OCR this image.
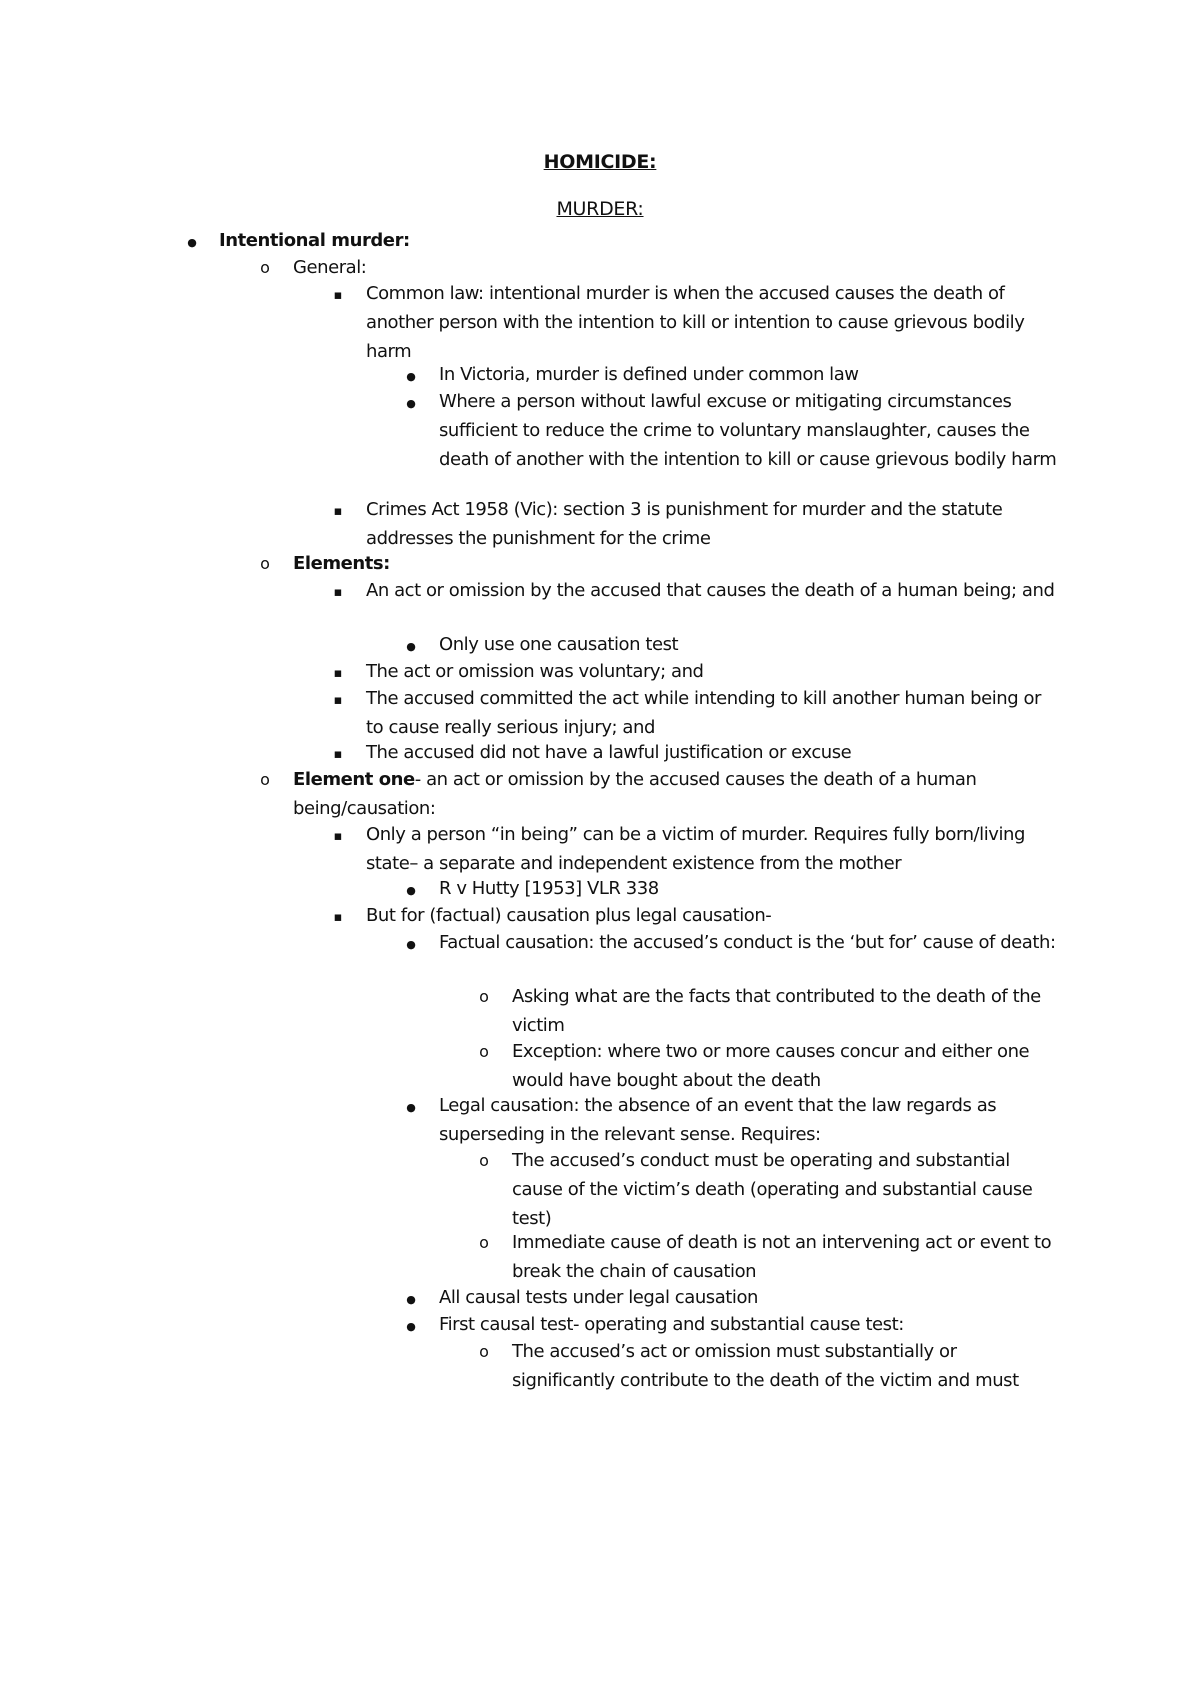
HOMICIDE:
MURDER:
●

Intentional murder:

o

General:

▪

Common law: intentional murder is when the accused causes the death of another person with the intention to kill or intention to cause grievous bodily harm

●

In Victoria, murder is defined under common law

●

Where a person without lawful excuse or mitigating circumstances sufficient to reduce the crime to voluntary manslaughter, causes the death of another with the intention to kill or cause grievous bodily harm

▪

Crimes Act 1958 (Vic): section 3 is punishment for murder and the statute addresses the punishment for the crime

o

Elements:

▪

An act or omission by the accused that causes the death of a human being; and

●

Only use one causation test

▪

The act or omission was voluntary; and

▪

The accused committed the act while intending to kill another human being or to cause really serious injury; and

▪

The accused did not have a lawful justification or excuse

o

Element one- an act or omission by the accused causes the death of a human being/causation:

▪

Only a person “in being” can be a victim of murder. Requires fully born/living state– a separate and independent existence from the mother

●

R v Hutty [1953] VLR 338

▪

But for (factual) causation plus legal causation-

●

Factual causation: the accused’s conduct is the ‘but for’ cause of death:

o

Asking what are the facts that contributed to the death of the victim

o

Exception: where two or more causes concur and either one would have bought about the death

●

Legal causation: the absence of an event that the law regards as superseding in the relevant sense. Requires:

o

The accused’s conduct must be operating and substantial cause of the victim’s death (operating and substantial cause test)

o

Immediate cause of death is not an intervening act or event to break the chain of causation

●

All causal tests under legal causation

●

First causal test- operating and substantial cause test:

o

The accused’s act or omission must substantially or significantly contribute to the death of the victim and must
